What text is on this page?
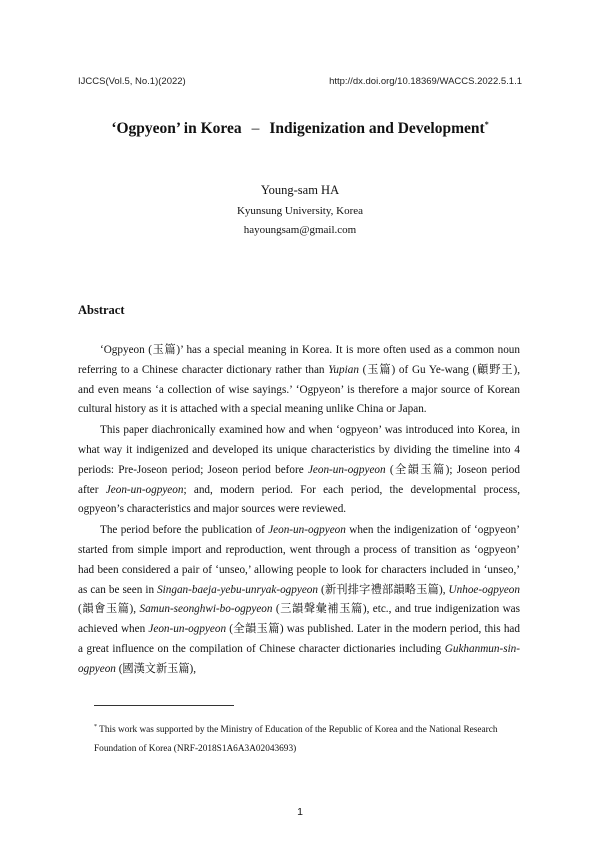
IJCCS(Vol.5, No.1)(2022)	http://dx.doi.org/10.18369/WACCS.2022.5.1.1
‘Ogpyeon’ in Korea – Indigenization and Development*
Young-sam HA
Kyunsung University, Korea
hayoungsam@gmail.com
Abstract

‘Ogpyeon (玉篇)’ has a special meaning in Korea. It is more often used as a common noun referring to a Chinese character dictionary rather than Yupian (玉篇) of Gu Ye-wang (顧野王), and even means ‘a collection of wise sayings.’ ‘Ogpyeon’ is therefore a major source of Korean cultural history as it is attached with a special meaning unlike China or Japan.

This paper diachronically examined how and when ‘ogpyeon’ was introduced into Korea, in what way it indigenized and developed its unique characteristics by dividing the timeline into 4 periods: Pre-Joseon period; Joseon period before Jeon-un-ogpyeon (全韻玉篇); Joseon period after Jeon-un-ogpyeon; and, modern period. For each period, the developmental process, ogpyeon’s characteristics and major sources were reviewed.

The period before the publication of Jeon-un-ogpyeon when the indigenization of ‘ogpyeon’ started from simple import and reproduction, went through a process of transition as ‘ogpyeon’ had been considered a pair of ‘unseo,’ allowing people to look for characters included in ‘unseo,’ as can be seen in Singan-baeja-yebu-unryak-ogpyeon (新刊排字禮部韻略玉篇), Unhoe-ogpyeon (韻會玉篇), Samun-seonghwi-bo-ogpyeon (三韻聲彙補玉篇), etc., and true indigenization was achieved when Jeon-un-ogpyeon (全韻玉篇) was published. Later in the modern period, this had a great influence on the compilation of Chinese character dictionaries including Gukhanmun-sin-ogpyeon (國漢文新玉篇),

* This work was supported by the Ministry of Education of the Republic of Korea and the National Research Foundation of Korea (NRF-2018S1A6A3A02043693)
1
